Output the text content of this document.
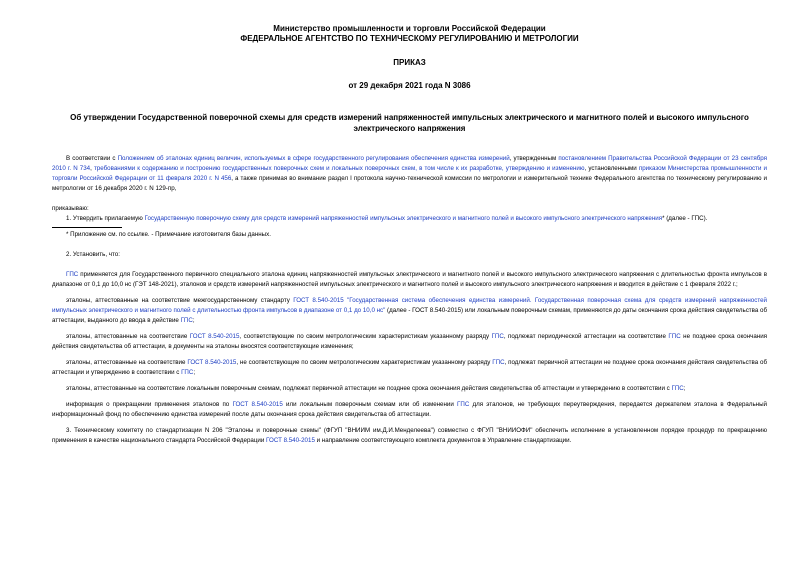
Министерство промышленности и торговли Российской Федерации
ФЕДЕРАЛЬНОЕ АГЕНТСТВО ПО ТЕХНИЧЕСКОМУ РЕГУЛИРОВАНИЮ И МЕТРОЛОГИИ
ПРИКАЗ
от 29 декабря 2021 года N 3086
Об утверждении Государственной поверочной схемы для средств измерений напряженностей импульсных электрического и магнитного полей и высокого импульсного электрического напряжения

В соответствии с Положением об эталонах единиц величин, используемых в сфере государственного регулирования обеспечения единства измерений, утвержденным постановлением Правительства Российской Федерации от 23 сентября 2010 г. N 734, требованиями к содержанию и построению государственных поверочных схем и локальных поверочных схем, в том числе к их разработке, утверждению и изменению, установленными приказом Министерства промышленности и торговли Российской Федерации от 11 февраля 2020 г. N 456, а также принимая во внимание раздел I протокола научно-технической комиссии по метрологии и измерительной технике Федерального агентства по техническому регулированию и метрологии от 16 декабря 2020 г. N 129-пр,

приказываю:

1. Утвердить прилагаемую Государственную поверочную схему для средств измерений напряженностей импульсных электрического и магнитного полей и высокого импульсного электрического напряжения* (далее - ГПС).

* Приложение см. по ссылке. - Примечание изготовителя базы данных.

2. Установить, что:

ГПС применяется для Государственного первичного специального эталона единиц напряженностей импульсных электрического и магнитного полей и высокого импульсного электрического напряжения с длительностью фронта импульсов в диапазоне от 0,1 до 10,0 нс (ГЭТ 148-2021), эталонов и средств измерений напряженностей импульсных электрического и магнитного полей и высокого импульсного электрического напряжения и вводится в действие с 1 февраля 2022 г.;

эталоны, аттестованные на соответствие межгосударственному стандарту ГОСТ 8.540-2015 "Государственная система обеспечения единства измерений. Государственная поверочная схема для средств измерений напряженностей импульсных электрического и магнитного полей с длительностью фронта импульсов в диапазоне от 0,1 до 10,0 нс" (далее - ГОСТ 8.540-2015) или локальным поверочным схемам, применяются до даты окончания срока действия свидетельства об аттестации, выданного до ввода в действие ГПС;

эталоны, аттестованные на соответствие ГОСТ 8.540-2015, соответствующие по своим метрологическим характеристикам указанному разряду ГПС, подлежат периодической аттестации на соответствие ГПС не позднее срока окончания действия свидетельства об аттестации, в документы на эталоны вносятся соответствующие изменения;

эталоны, аттестованные на соответствие ГОСТ 8.540-2015, не соответствующие по своим метрологическим характеристикам указанному разряду ГПС, подлежат первичной аттестации не позднее срока окончания действия свидетельства об аттестации и утверждению в соответствии с ГПС;

эталоны, аттестованные на соответствие локальным поверочным схемам, подлежат первичной аттестации не позднее срока окончания действия свидетельства об аттестации и утверждению в соответствии с ГПС;

информация о прекращении применения эталонов по ГОСТ 8.540-2015 или локальным поверочным схемам или об изменении ГПС для эталонов, не требующих переутверждения, передается держателем эталона в Федеральный информационный фонд по обеспечению единства измерений после даты окончания срока действия свидетельства об аттестации.

3. Техническому комитету по стандартизации N 206 "Эталоны и поверочные схемы" (ФГУП "ВНИИМ им.Д.И.Менделеева") совместно с ФГУП "ВНИИОФИ" обеспечить исполнение в установленном порядке процедур по прекращению применения в качестве национального стандарта Российской Федерации ГОСТ 8.540-2015 и направление соответствующего комплекта документов в Управление стандартизации.
